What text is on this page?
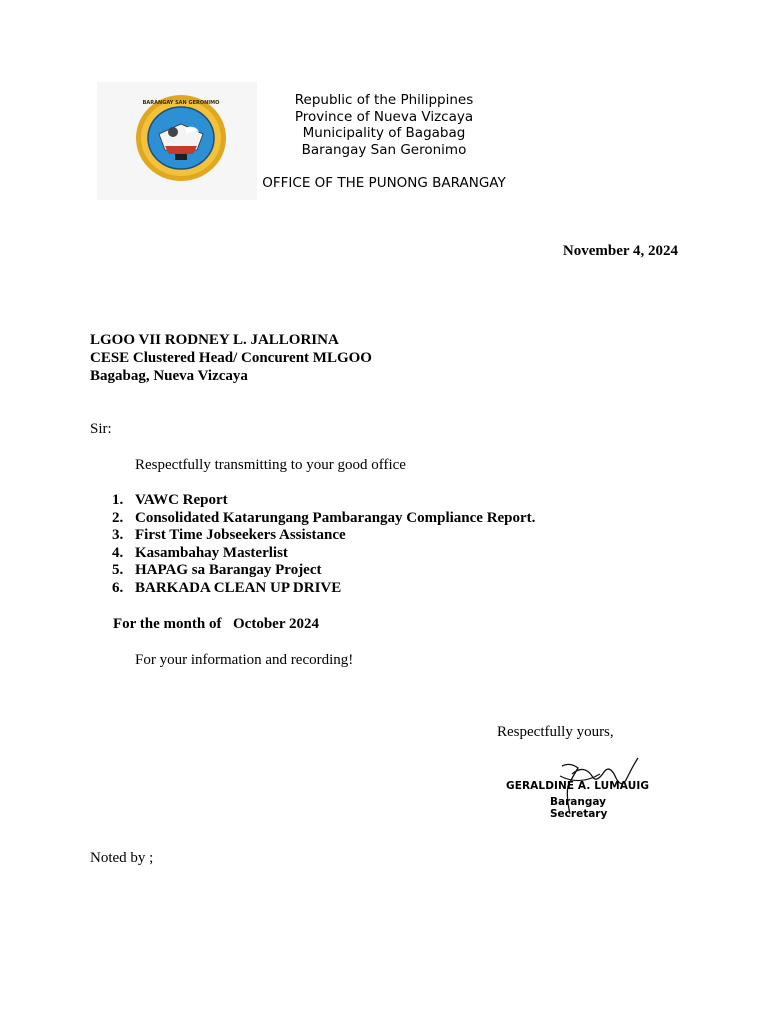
BARANGAY SAN GERONIMO	Republic of the Philippines
Province of Nueva Vizcaya
Municipality of Bagabag
Barangay San Geronimo
OFFICE OF THE PUNONG BARANGAY
November 4, 2024
LGOO VII RODNEY L. JALLORINA
CESE Clustered Head/ Concurent MLGOO
Bagabag, Nueva Vizcaya
Sir:
Respectfully transmitting to your good office
1. VAWC Report
2. Consolidated Katarungang Pambarangay Compliance Report.
3. First Time Jobseekers Assistance
4. Kasambahay Masterlist
5. HAPAG sa Barangay Project
6. BARKADA CLEAN UP DRIVE
For the month of October 2024
For your information and recording!
Respectfully yours,
GERALDINE A. LUMAUIG
Barangay Secretary
Noted by ;
